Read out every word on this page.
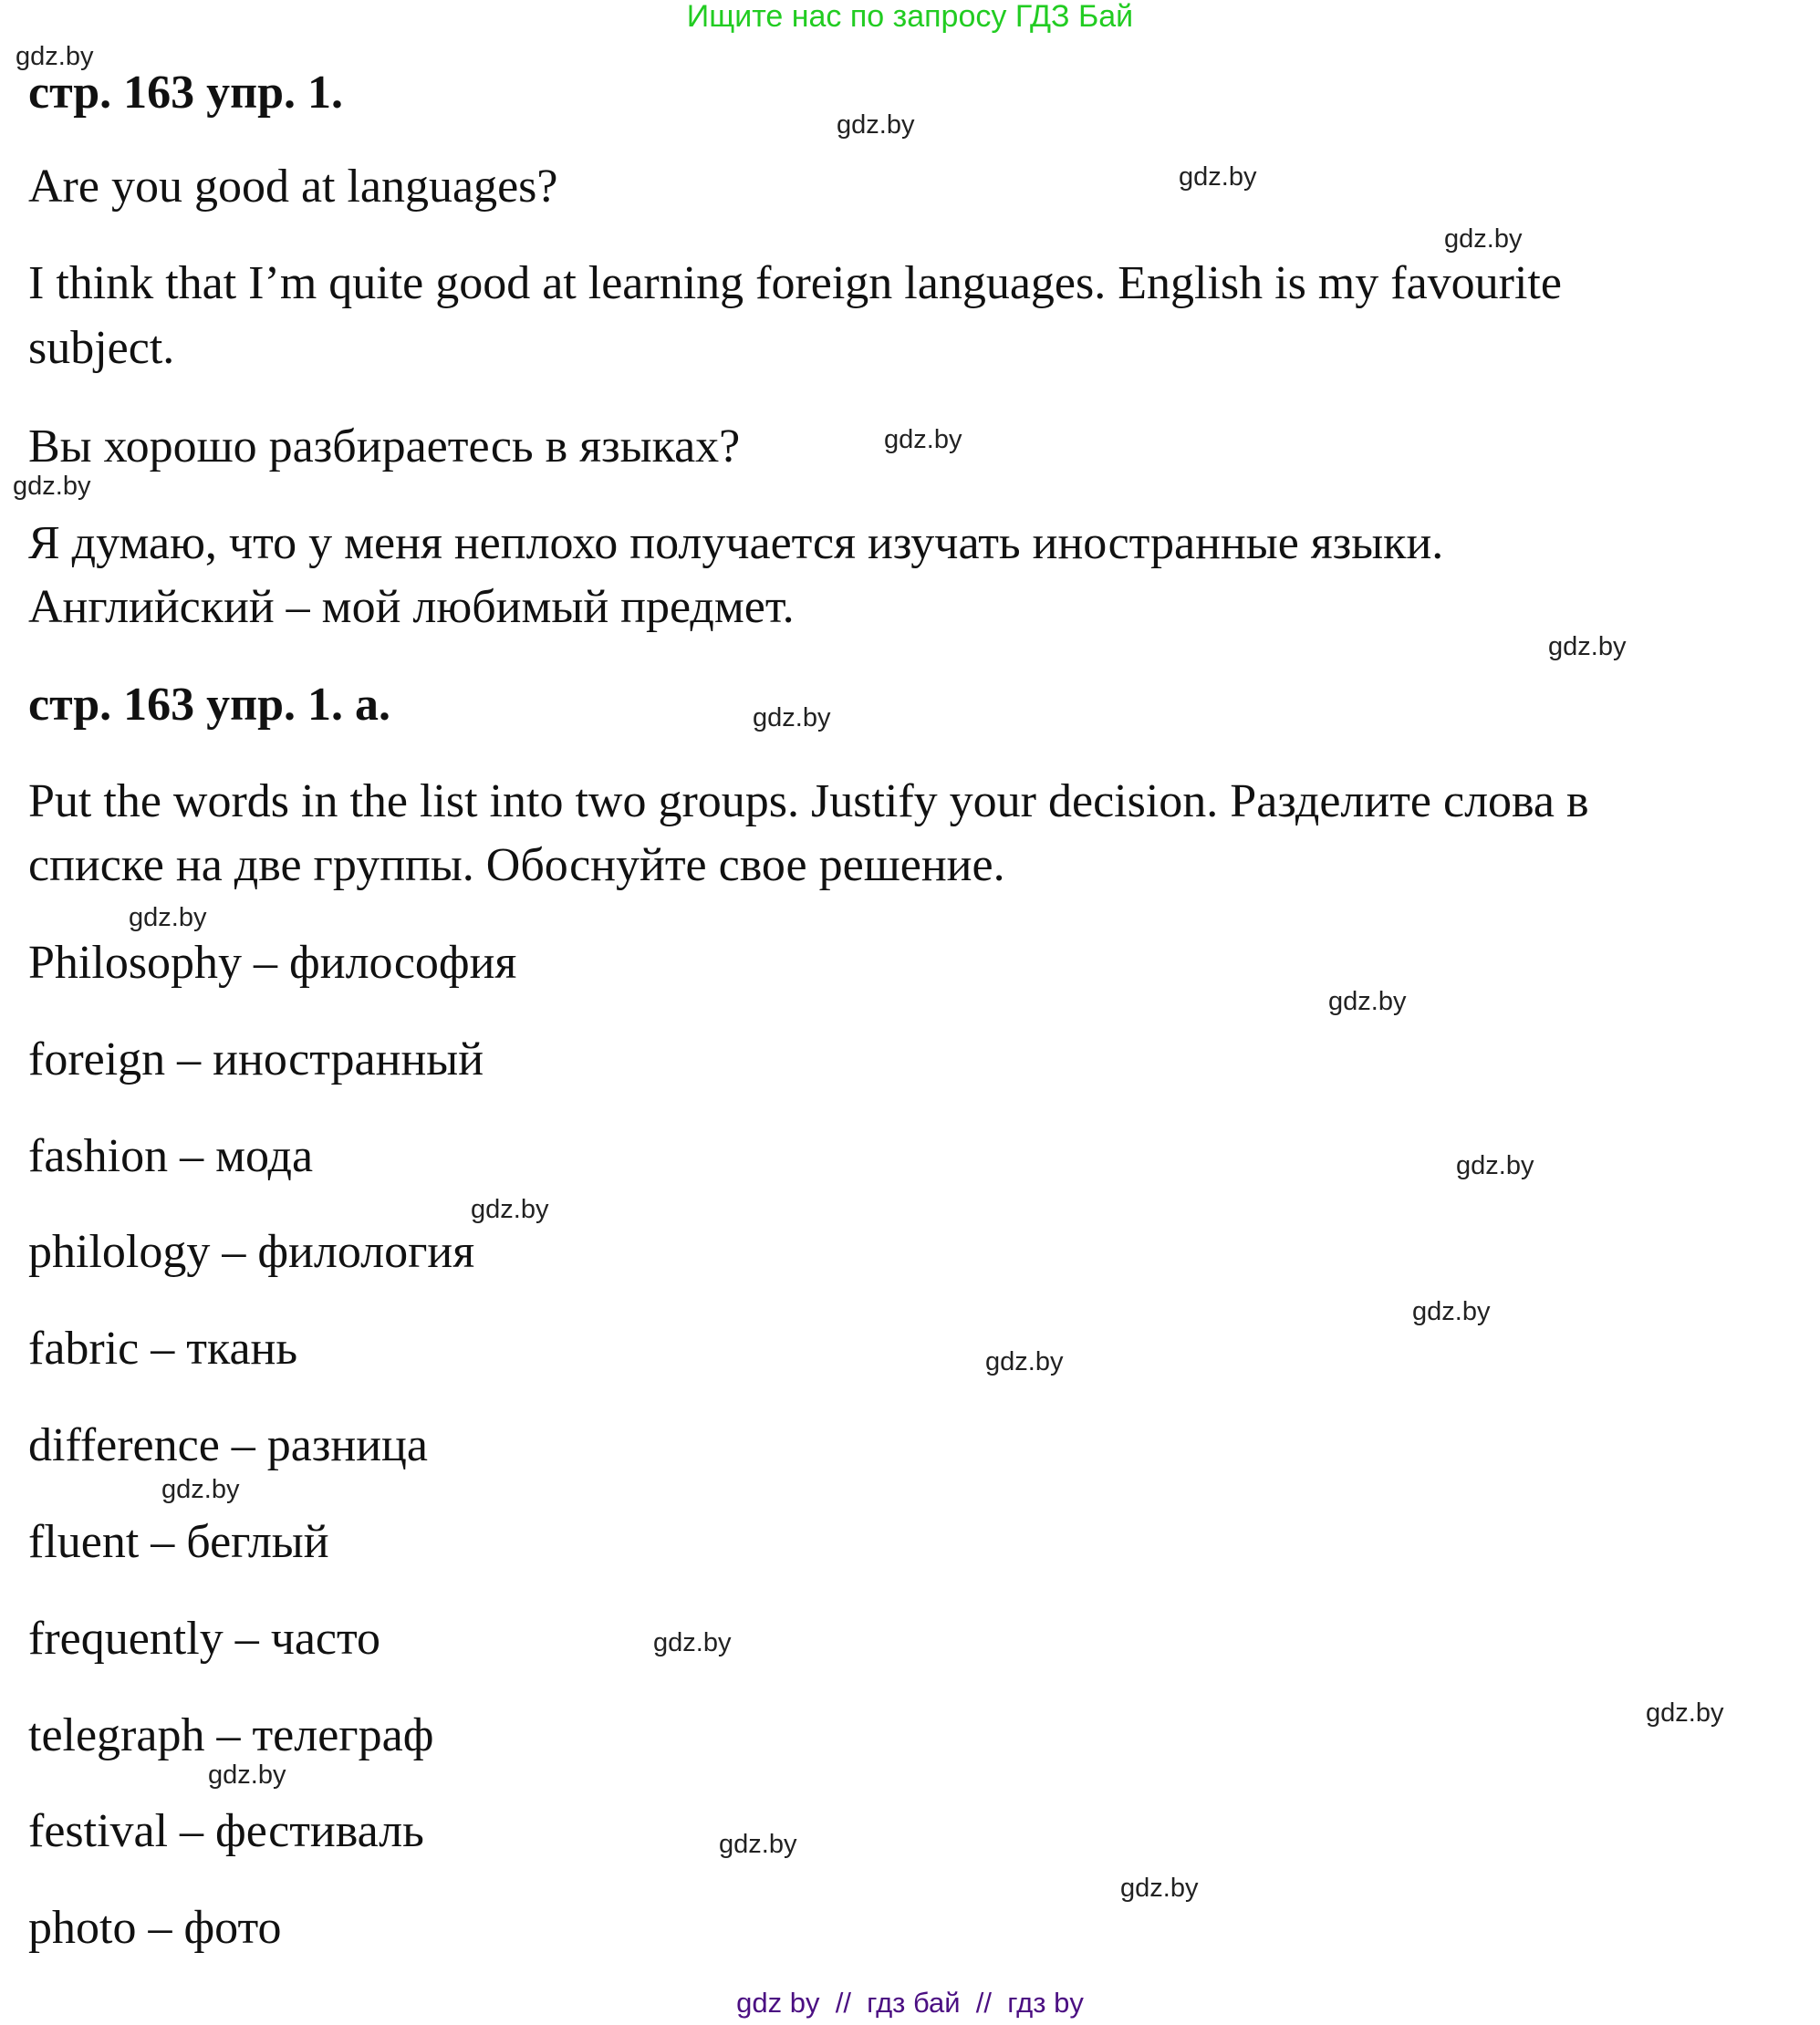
Ищите нас по запросу ГДЗ Бай
стр. 163 упр. 1.
Are you good at languages?
I think that I’m quite good at learning foreign languages. English is my favourite
subject.
Вы хорошо разбираетесь в языках?
Я думаю, что у меня неплохо получается изучать иностранные языки.
Английский – мой любимый предмет.
стр. 163 упр. 1. а.
Put the words in the list into two groups. Justify your decision. Разделите слова в
списке на две группы. Обоснуйте свое решение.
Philosophy – философия
foreign – иностранный
fashion – мода
philology – филология
fabric – ткань
difference – разница
fluent – беглый
frequently – часто
telegraph – телеграф
festival – фестиваль
photo – фото
gdz.by
gdz.by
gdz.by
gdz.by
gdz.by
gdz.by
gdz.by
gdz.by
gdz.by
gdz.by
gdz.by
gdz.by
gdz.by
gdz.by
gdz.by
gdz.by
gdz.by
gdz.by
gdz.by
gdz.by
gdz by  //  гдз бай  //  гдз by
